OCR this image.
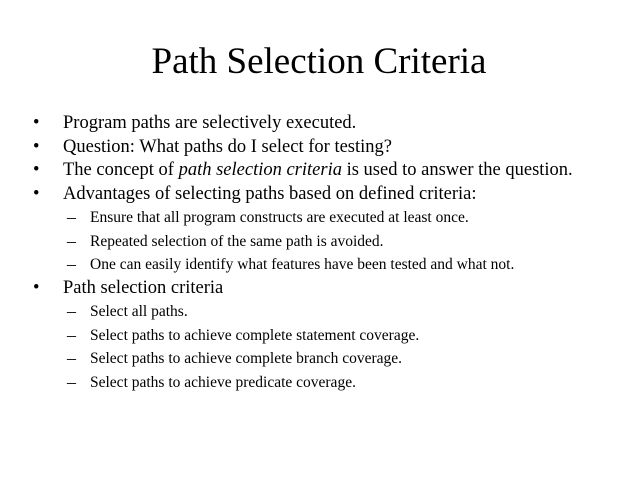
Path Selection Criteria
• Program paths are selectively executed.
• Question: What paths do I select for testing?
• The concept of path selection criteria is used to answer the question.
• Advantages of selecting paths based on defined criteria:
– Ensure that all program constructs are executed at least once.
– Repeated selection of the same path is avoided.
– One can easily identify what features have been tested and what not.
• Path selection criteria
– Select all paths.
– Select paths to achieve complete statement coverage.
– Select paths to achieve complete branch coverage.
– Select paths to achieve predicate coverage.
